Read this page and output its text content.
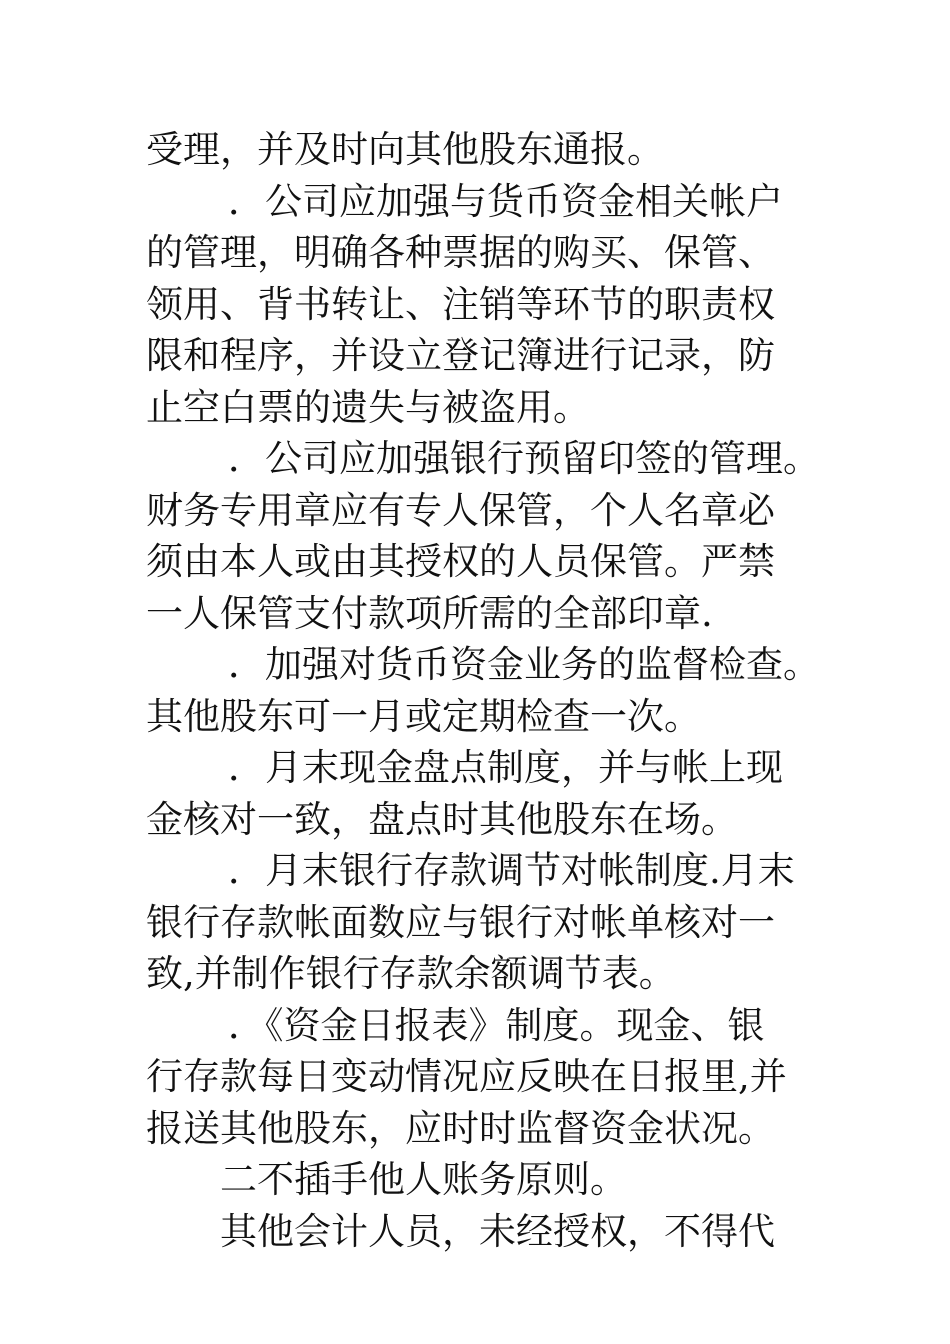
受理，并及时向其他股东通报。
．公司应加强与货币资金相关帐户
的管理，明确各种票据的购买、保管、
领用、背书转让、注销等环节的职责权
限和程序，并设立登记簿进行记录，防
止空白票的遗失与被盗用。
．公司应加强银行预留印签的管理。
财务专用章应有专人保管，个人名章必
须由本人或由其授权的人员保管。严禁
一人保管支付款项所需的全部印章.
．加强对货币资金业务的监督检查。
其他股东可一月或定期检查一次。
．月末现金盘点制度，并与帐上现
金核对一致，盘点时其他股东在场。
．月末银行存款调节对帐制度.月末
银行存款帐面数应与银行对帐单核对一
致,并制作银行存款余额调节表。
．《资金日报表》制度。现金、银
行存款每日变动情况应反映在日报里,并
报送其他股东，应时时监督资金状况。
二不插手他人账务原则。
其他会计人员，未经授权，不得代
